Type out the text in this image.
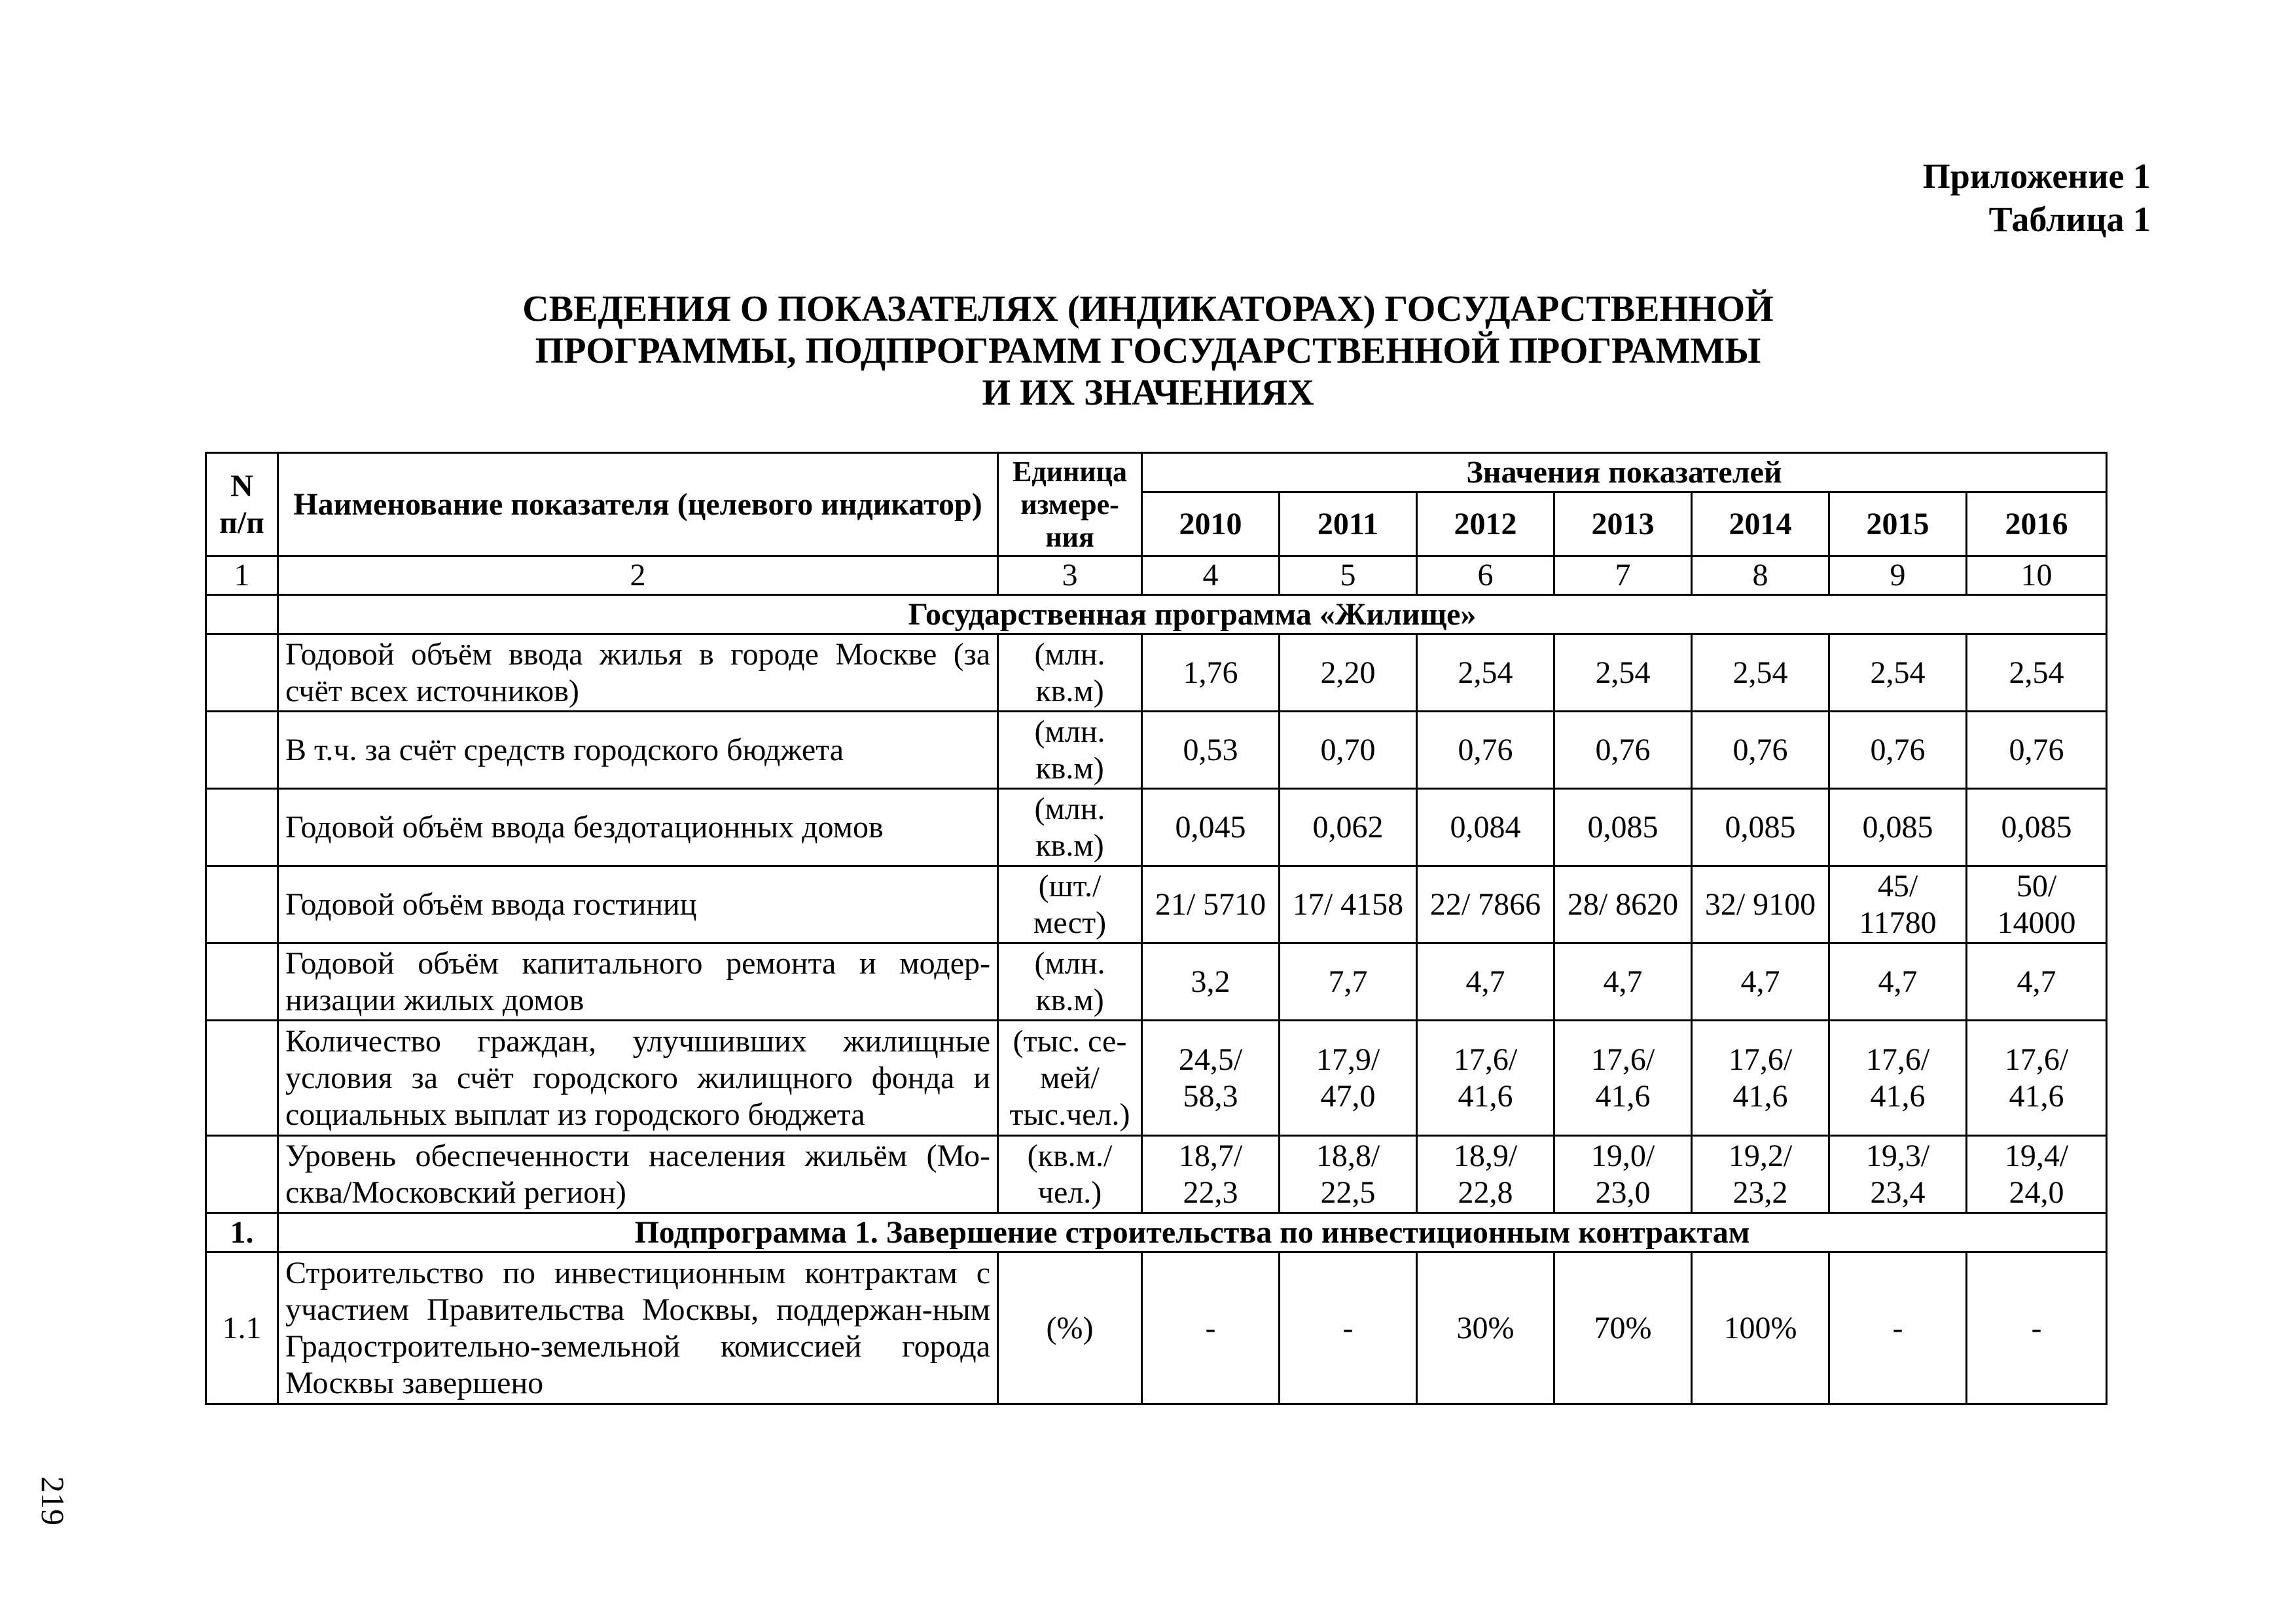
Приложение 1
Таблица 1
СВЕДЕНИЯ О ПОКАЗАТЕЛЯХ (ИНДИКАТОРАХ) ГОСУДАРСТВЕННОЙ
ПРОГРАММЫ, ПОДПРОГРАММ ГОСУДАРСТВЕННОЙ ПРОГРАММЫ
И ИХ ЗНАЧЕНИЯХ
N п/п	Наименование показателя (целевого индикатор)	Единица измере-ния	Значения показателей						
			2010	2011	2012	2013	2014	2015	2016
1	2	3	4	5	6	7	8	9	10
	Государственная программа «Жилище»								
	Годовой объём ввода жилья в городе Москве (за счёт всех источников)	(млн. кв.м)	1,76	2,20	2,54	2,54	2,54	2,54	2,54
	В т.ч. за счёт средств городского бюджета	(млн. кв.м)	0,53	0,70	0,76	0,76	0,76	0,76	0,76
	Годовой объём ввода бездотационных домов	(млн. кв.м)	0,045	0,062	0,084	0,085	0,085	0,085	0,085
	Годовой объём ввода гостиниц	(шт./ мест)	21/ 5710	17/ 4158	22/ 7866	28/ 8620	32/ 9100	45/ 11780	50/ 14000
	Годовой объём капитального ремонта и модер-низации жилых домов	(млн. кв.м)	3,2	7,7	4,7	4,7	4,7	4,7	4,7
	Количество граждан, улучшивших жилищные условия за счёт городского жилищного фонда и социальных выплат из городского бюджета	(тыс. се-мей/ тыс.чел.)	24,5/ 58,3	17,9/ 47,0	17,6/ 41,6	17,6/ 41,6	17,6/ 41,6	17,6/ 41,6	17,6/ 41,6
	Уровень обеспеченности населения жильём (Мо-сква/Московский регион)	(кв.м./ чел.)	18,7/ 22,3	18,8/ 22,5	18,9/ 22,8	19,0/ 23,0	19,2/ 23,2	19,3/ 23,4	19,4/ 24,0
1.	Подпрограмма 1. Завершение строительства по инвестиционным контрактам								
1.1	Строительство по инвестиционным контрактам с участием Правительства Москвы, поддержан-ным Градостроительно-земельной комиссией города Москвы завершено	(%)	-	-	30%	70%	100%	-	-
219
